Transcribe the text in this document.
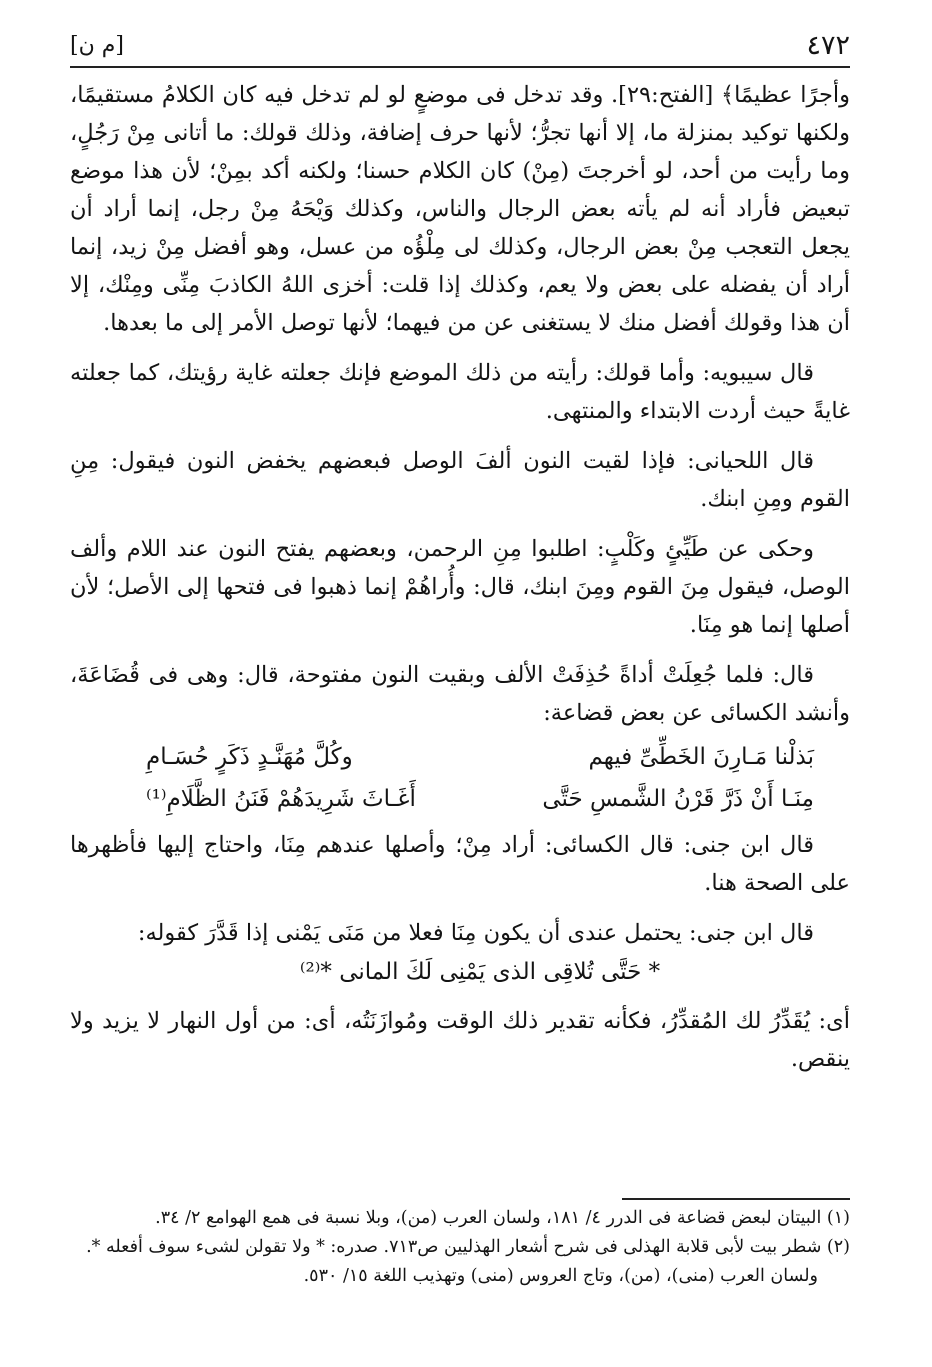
٤٧٢
[م ن]

وأجرًا عظيمًا﴾ [الفتح:٢٩]. وقد تدخل فى موضعٍ لو لم تدخل فيه كان الكلامُ مستقيمًا، ولكنها توكيد بمنزلة ما، إلا أنها تجرُّ؛ لأنها حرف إضافة، وذلك قولك: ما أتانى مِنْ رَجُلٍ، وما رأيت من أحد، لو أخرجتَ (مِنْ) كان الكلام حسنا؛ ولكنه أكد بمِنْ؛ لأن هذا موضع تبعيض فأراد أنه لم يأته بعض الرجال والناس، وكذلك وَيْحَهُ مِنْ رجل، إنما أراد أن يجعل التعجب مِنْ بعض الرجال، وكذلك لى مِلْؤُه من عسل، وهو أفضل مِنْ زيد، إنما أراد أن يفضله على بعض ولا يعم، وكذلك إذا قلت: أخزى اللهُ الكاذبَ مِنِّى ومِنْك، إلا أن هذا وقولك أفضل منك لا يستغنى عن من فيهما؛ لأنها توصل الأمر إلى ما بعدها.

قال سيبويه: وأما قولك: رأيته من ذلك الموضع فإنك جعلته غاية رؤيتك، كما جعلته غايةً حيث أردت الابتداء والمنتهى.

قال اللحيانى: فإذا لقيت النون ألفَ الوصل فبعضهم يخفض النون فيقول: مِنِ القوم ومِنِ ابنك.

وحكى عن طَيِّئٍ وكَلْبٍ: اطلبوا مِنِ الرحمن، وبعضهم يفتح النون عند اللام وألف الوصل، فيقول مِنَ القوم ومِنَ ابنك، قال: وأُراهُمْ إنما ذهبوا فى فتحها إلى الأصل؛ لأن أصلها إنما هو مِنَا.

قال: فلما جُعِلَتْ أداةً حُذِفَتْ الألف وبقيت النون مفتوحة، قال: وهى فى قُضَاعَةَ، وأنشد الكسائى عن بعض قضاعة:

بَذلْنا مَـارِنَ الخَطِّىِّ فيهم
وكُلَّ مُهَنَّـدٍ ذَكَرٍ حُسَـامِ
مِنَـا أَنْ ذَرَّ قَرْنُ الشَّمسِ حَتَّى
أَغَـاثَ شَرِيدَهُمْ فَنَنُ الظَّلَامِ⁽¹⁾

قال ابن جنى: قال الكسائى: أراد مِنْ؛ وأصلها عندهم مِنَا، واحتاج إليها فأظهرها على الصحة هنا.

قال ابن جنى: يحتمل عندى أن يكون مِنَا فعلا من مَنَى يَمْنى إذا قَدَّرَ كقوله:

* حَتَّى تُلاقِى الذى يَمْنِى لَكَ المانى *⁽²⁾

أى: يُقَدِّرُ لك المُقدِّرُ، فكأنه تقدير ذلك الوقت ومُوازَنَتُه، أى: من أول النهار لا يزيد ولا ينقص.

(١) البيتان لبعض قضاعة فى الدرر ٤/ ١٨١، ولسان العرب (من)، وبلا نسبة فى همع الهوامع ٢/ ٣٤.

(٢) شطر بيت لأبى قلابة الهذلى فى شرح أشعار الهذليين ص٧١٣. صدره: * ولا تقولن لشىء سوف أفعله *.

ولسان العرب (منى)، (من)، وتاج العروس (منى) وتهذيب اللغة ١٥/ ٥٣٠.
